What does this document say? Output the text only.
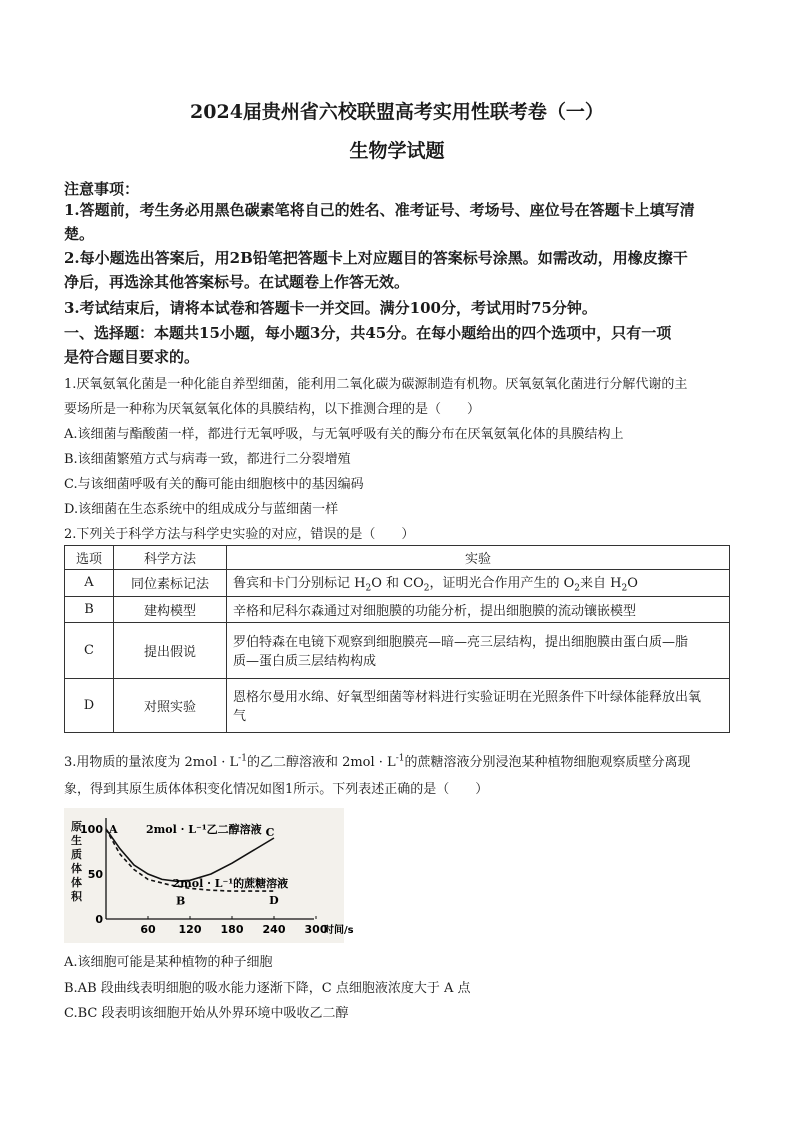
2024届贵州省六校联盟高考实用性联考卷（一）
生物学试题
注意事项：
1.答题前，考生务必用黑色碳素笔将自己的姓名、准考证号、考场号、座位号在答题卡上填写清
楚。
2.每小题选出答案后，用2B铅笔把答题卡上对应题目的答案标号涂黑。如需改动，用橡皮擦干
净后，再选涂其他答案标号。在试题卷上作答无效。
3.考试结束后，请将本试卷和答题卡一并交回。满分100分，考试用时75分钟。
一、选择题：本题共15小题，每小题3分，共45分。在每小题给出的四个选项中，只有一项
是符合题目要求的。
1.厌氧氨氧化菌是一种化能自养型细菌，能利用二氧化碳为碳源制造有机物。厌氧氨氧化菌进行分解代谢的主
要场所是一种称为厌氧氨氧化体的具膜结构，以下推测合理的是（　　）
A.该细菌与酯酸菌一样，都进行无氧呼吸，与无氧呼吸有关的酶分布在厌氧氨氧化体的具膜结构上
B.该细菌繁殖方式与病毒一致，都进行二分裂增殖
C.与该细菌呼吸有关的酶可能由细胞核中的基因编码
D.该细菌在生态系统中的组成成分与蓝细菌一样
2.下列关于科学方法与科学史实验的对应，错误的是（　　）
选项	科学方法	实验
A	同位素标记法	鲁宾和卡门分别标记 $H_2O$ 和 $CO_2$，证明光合作用产生的 $O_2$来自 $H_2O$
B	建构模型	辛格和尼科尔森通过对细胞膜的功能分析，提出细胞膜的流动镶嵌模型
C	提出假说	罗伯特森在电镜下观察到细胞膜亮—暗—亮三层结构，提出细胞膜由蛋白质—脂
质—蛋白质三层结构构成

D	对照实验	恩格尔曼用水绵、好氧型细菌等材料进行实验证明在光照条件下叶绿体能释放出氧
气
3.用物质的量浓度为 $2mol \cdot L^{-1}$的乙二醇溶液和 $2mol \cdot L^{-1}$的蔗糖溶液分别浸泡某种植物细胞观察质壁分离现
象，得到其原生质体体积变化情况如图1所示。下列表述正确的是（　　）
原生质体体积
60 120 180 240 300
时间/s
0
50
100 A
B
C
D
2mol · L⁻¹乙二醇溶液
2mol · L⁻¹的蔗糖溶液
A.该细胞可能是某种植物的种子细胞
B.AB 段曲线表明细胞的吸水能力逐渐下降，C 点细胞液浓度大于 A 点
C.BC 段表明该细胞开始从外界环境中吸收乙二醇
